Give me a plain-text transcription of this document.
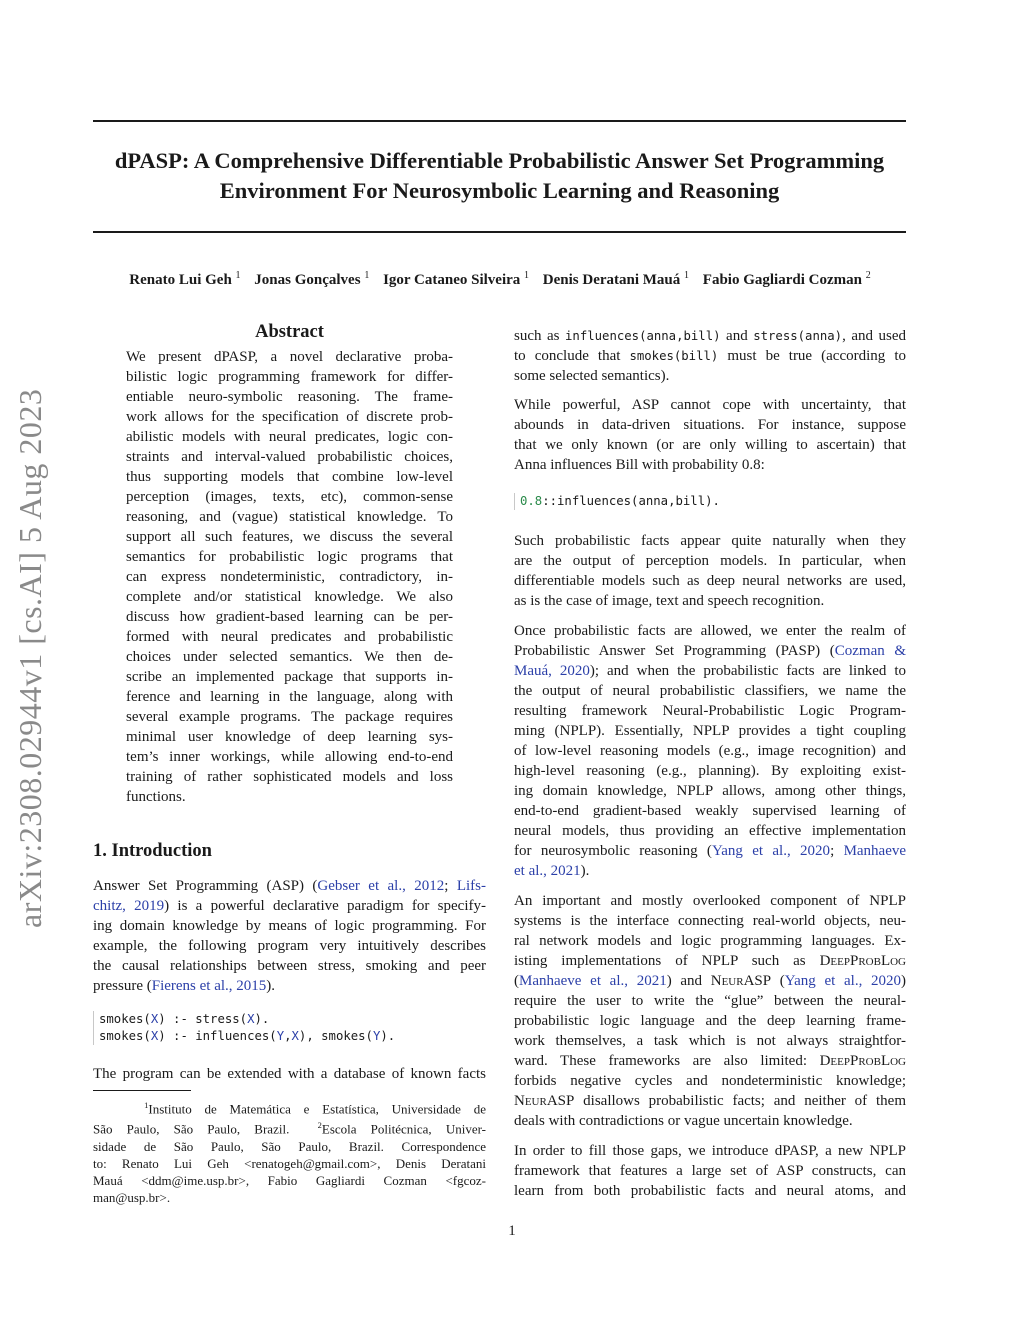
dPASP: A Comprehensive Differentiable Probabilistic Answer Set Programming
Environment For Neurosymbolic Learning and Reasoning
Renato Lui Geh $^1$ Jonas Gonçalves $^1$ Igor Cataneo Silveira $^1$ Denis Deratani Mauá $^1$ Fabio Gagliardi Cozman $^2$
arXiv:2308.02944v1 [cs.AI] 5 Aug 2023
Abstract

We present dPASP, a novel declarative proba-
bilistic logic programming framework for differ-
entiable neuro-symbolic reasoning. The frame-
work allows for the specification of discrete prob-
abilistic models with neural predicates, logic con-
straints and interval-valued probabilistic choices,
thus supporting models that combine low-level
perception (images, texts, etc), common-sense
reasoning, and (vague) statistical knowledge. To
support all such features, we discuss the several
semantics for probabilistic logic programs that
can express nondeterministic, contradictory, in-
complete and/or statistical knowledge. We also
discuss how gradient-based learning can be per-
formed with neural predicates and probabilistic
choices under selected semantics. We then de-
scribe an implemented package that supports in-
ference and learning in the language, along with
several example programs. The package requires
minimal user knowledge of deep learning sys-
tem’s inner workings, while allowing end-to-end
training of rather sophisticated models and loss
functions.

1. Introduction

Answer Set Programming (ASP) (Gebser et al., 2012; Lifs-
chitz, 2019) is a powerful declarative paradigm for specify-
ing domain knowledge by means of logic programming. For
example, the following program very intuitively describes
the causal relationships between stress, smoking and peer
pressure (Fierens et al., 2015).

smokes(X) :- stress(X).
smokes(X) :- influences(Y,X), smokes(Y).

The program can be extended with a database of known facts

$^1$Instituto de Matemática e Estatística, Universidade de
São Paulo, São Paulo, Brazil.	$^2$Escola Politécnica, Univer-
sidade de São Paulo, São Paulo, Brazil. Correspondence
to: Renato Lui Geh <renatogeh@gmail.com>, Denis Deratani
Mauá <ddm@ime.usp.br>, Fabio Gagliardi Cozman <fgcoz-
man@usp.br>.

such as influences(anna,bill) and stress(anna), and used
to conclude that smokes(bill) must be true (according to
some selected semantics).

While powerful, ASP cannot cope with uncertainty, that
abounds in data-driven situations. For instance, suppose
that we only known (or are only willing to ascertain) that
Anna influences Bill with probability 0.8:

0.8::influences(anna,bill).

Such probabilistic facts appear quite naturally when they
are the output of perception models. In particular, when
differentiable models such as deep neural networks are used,
as is the case of image, text and speech recognition.

Once probabilistic facts are allowed, we enter the realm of
Probabilistic Answer Set Programming (PASP) (Cozman &
Mauá, 2020); and when the probabilistic facts are linked to
the output of neural probabilistic classifiers, we name the
resulting framework Neural-Probabilistic Logic Program-
ming (NPLP). Essentially, NPLP provides a tight coupling
of low-level reasoning models (e.g., image recognition) and
high-level reasoning (e.g., planning). By exploiting exist-
ing domain knowledge, NPLP allows, among other things,
end-to-end gradient-based weakly supervised learning of
neural models, thus providing an effective implementation
for neurosymbolic reasoning (Yang et al., 2020; Manhaeve
et al., 2021).

An important and mostly overlooked component of NPLP
systems is the interface connecting real-world objects, neu-
ral network models and logic programming languages. Ex-
isting implementations of NPLP such as DeepProbLog
(Manhaeve et al., 2021) and NeurASP (Yang et al., 2020)
require the user to write the “glue” between the neural-
probabilistic logic language and the deep learning frame-
work themselves, a task which is not always straightfor-
ward. These frameworks are also limited: DeepProbLog
forbids negative cycles and nondeterministic knowledge;
NeurASP disallows probabilistic facts; and neither of them
deals with contradictions or vague uncertain knowledge.

In order to fill those gaps, we introduce dPASP, a new NPLP
framework that features a large set of ASP constructs, can
learn from both probabilistic facts and neural atoms, and

1
